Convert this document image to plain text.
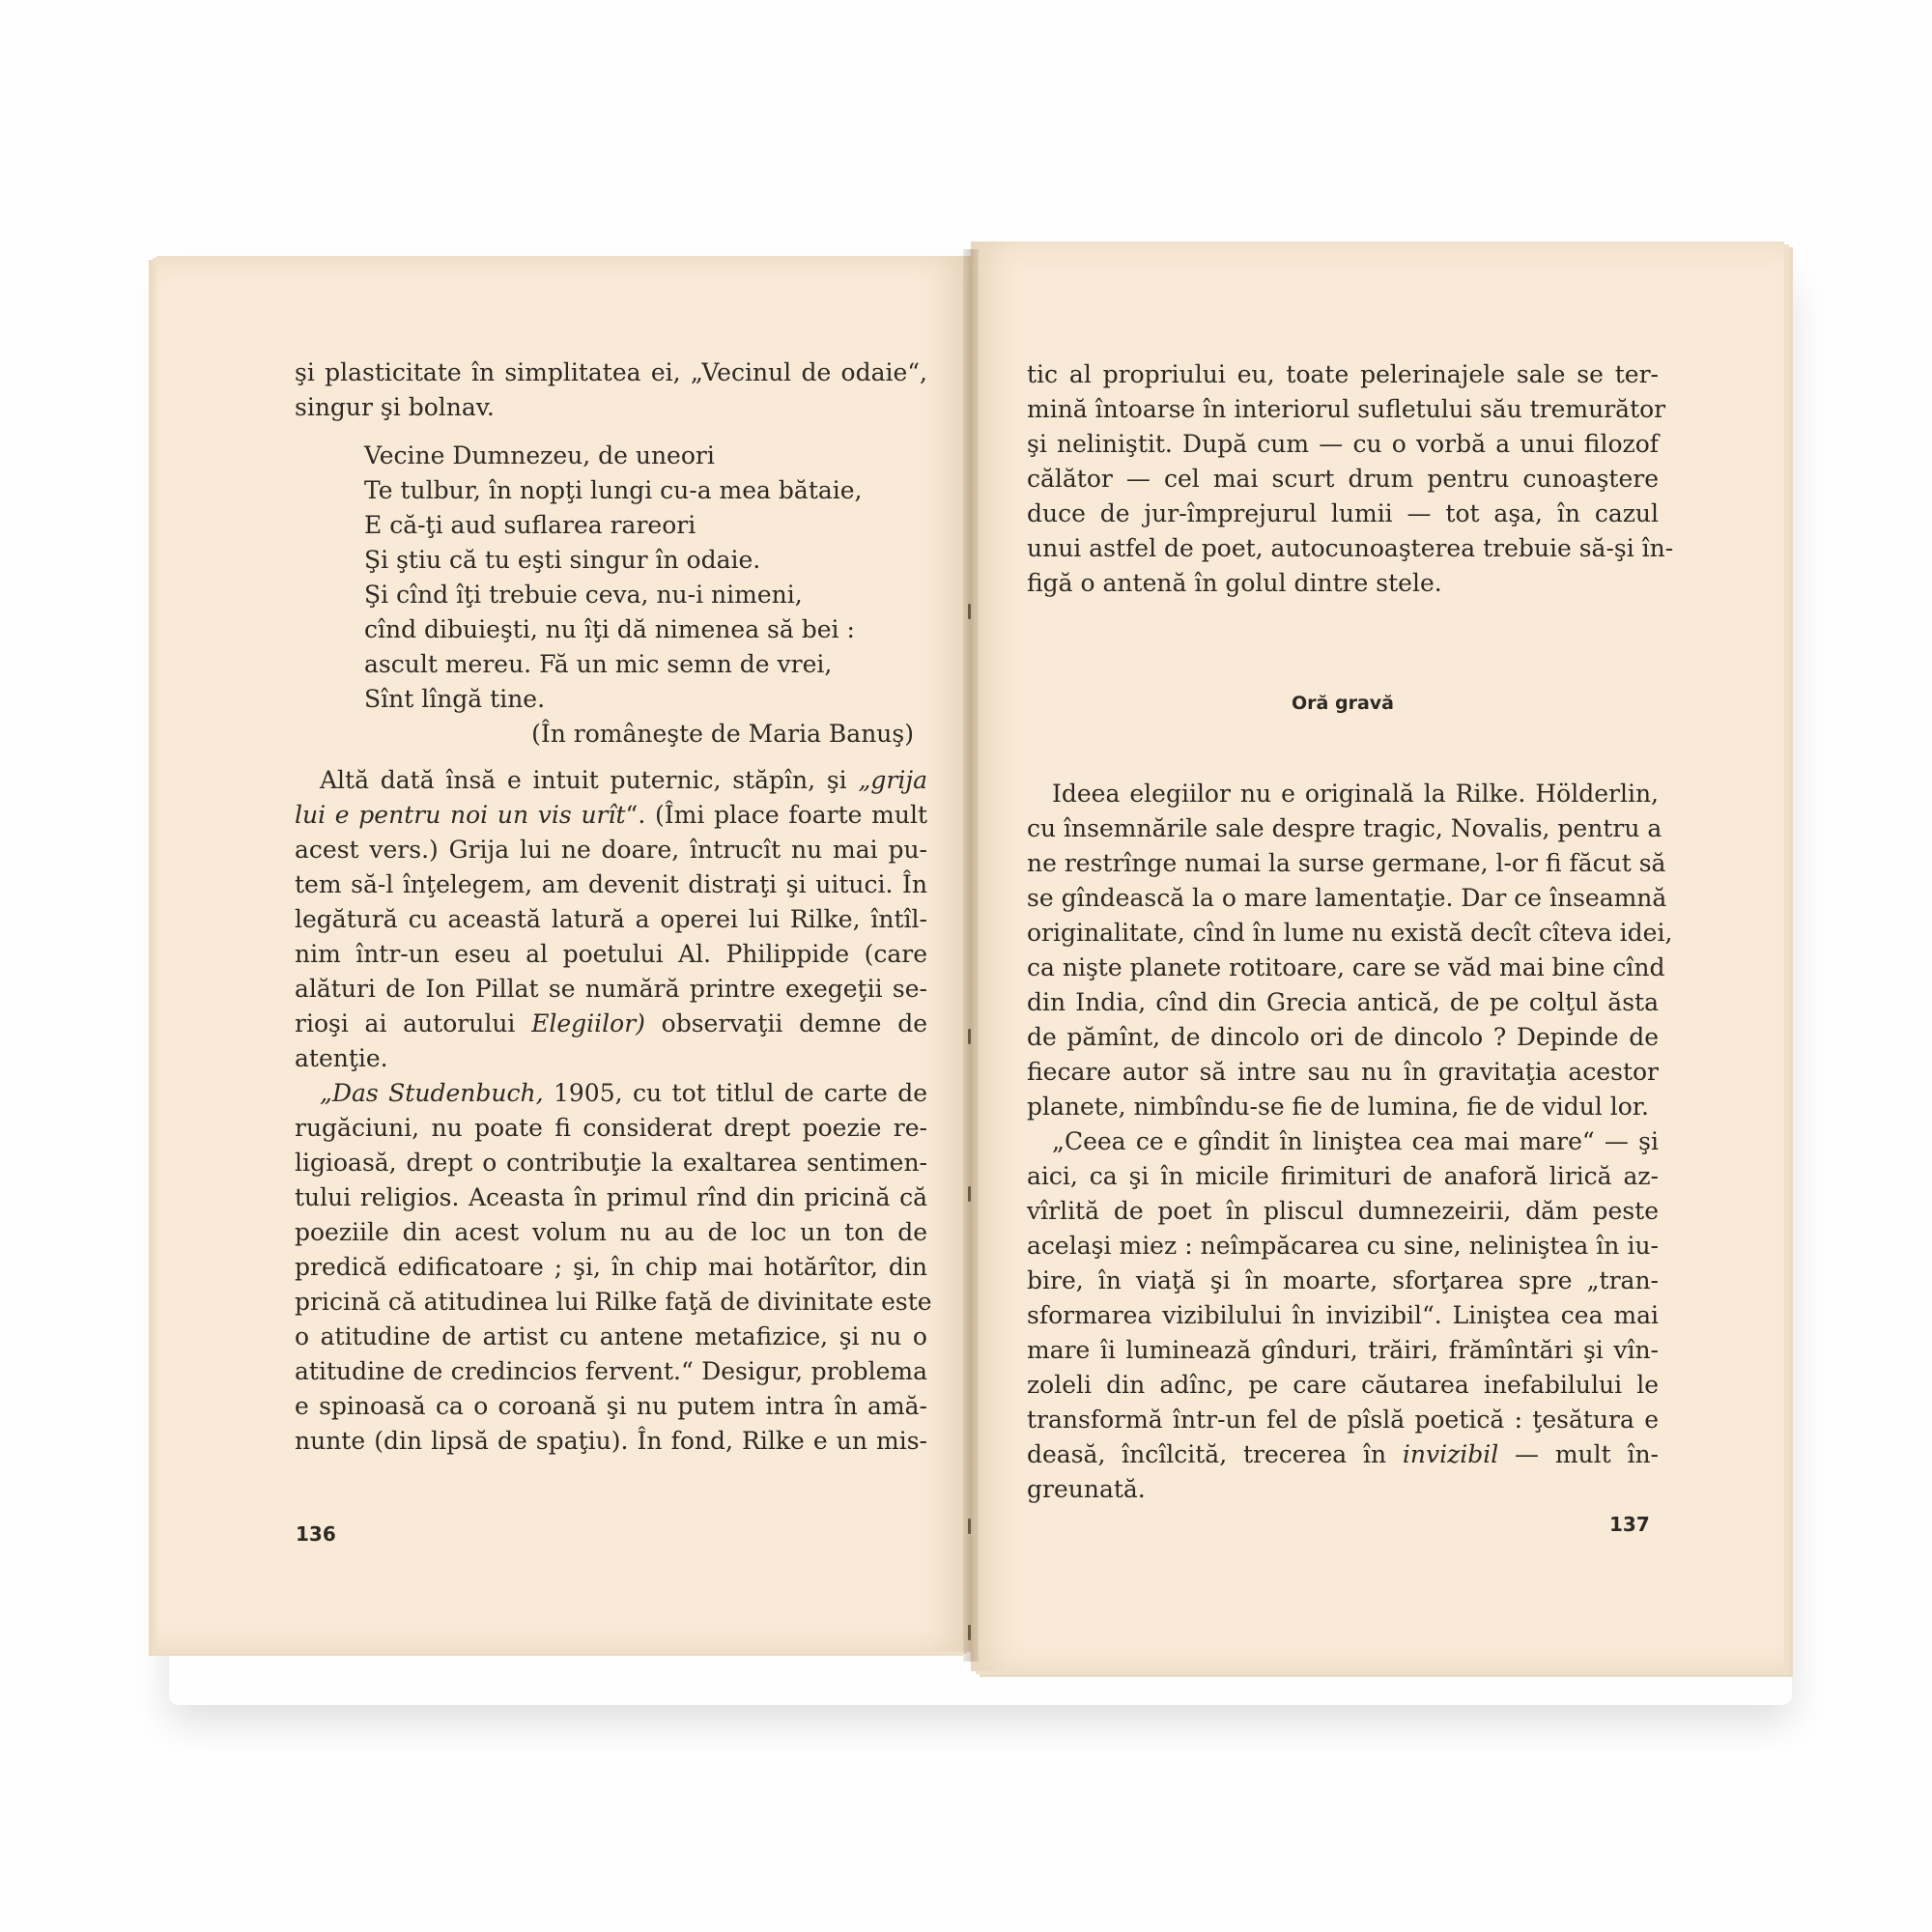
şi plasticitate în simplitatea ei, „Vecinul de odaie“,
singur şi bolnav.
Vecine Dumnezeu, de uneori
Te tulbur, în nopţi lungi cu-a mea bătaie,
E că-ţi aud suflarea rareori
Şi ştiu că tu eşti singur în odaie.
Şi cînd îţi trebuie ceva, nu-i nimeni,
cînd dibuieşti, nu îţi dă nimenea să bei :
ascult mereu. Fă un mic semn de vrei,
Sînt lîngă tine.
(În româneşte de Maria Banuş)
Altă dată însă e intuit puternic, stăpîn, şi „grija
lui e pentru noi un vis urît“. (Îmi place foarte mult
acest vers.) Grija lui ne doare, întrucît nu mai pu-
tem să-l înţelegem, am devenit distraţi şi uituci. În
legătură cu această latură a operei lui Rilke, întîl-
nim într-un eseu al poetului Al. Philippide (care
alături de Ion Pillat se numără printre exegeţii se-
rioşi ai autorului Elegiilor) observaţii demne de
atenţie.
„Das Studenbuch, 1905, cu tot titlul de carte de
rugăciuni, nu poate fi considerat drept poezie re-
ligioasă, drept o contribuţie la exaltarea sentimen-
tului religios. Aceasta în primul rînd din pricină că
poeziile din acest volum nu au de loc un ton de
predică edificatoare ; şi, în chip mai hotărîtor, din
pricină că atitudinea lui Rilke faţă de divinitate este
o atitudine de artist cu antene metafizice, şi nu o
atitudine de credincios fervent.“ Desigur, problema
e spinoasă ca o coroană şi nu putem intra în amă-
nunte (din lipsă de spaţiu). În fond, Rilke e un mis-
136
tic al propriului eu, toate pelerinajele sale se ter-
mină întoarse în interiorul sufletului său tremurător
şi neliniştit. După cum — cu o vorbă a unui filozof
călător — cel mai scurt drum pentru cunoaştere
duce de jur-împrejurul lumii — tot aşa, în cazul
unui astfel de poet, autocunoaşterea trebuie să-şi în-
figă o antenă în golul dintre stele.
Oră gravă
Ideea elegiilor nu e originală la Rilke. Hölderlin,
cu însemnările sale despre tragic, Novalis, pentru a
ne restrînge numai la surse germane, l-or fi făcut să
se gîndească la o mare lamentaţie. Dar ce înseamnă
originalitate, cînd în lume nu există decît cîteva idei,
ca nişte planete rotitoare, care se văd mai bine cînd
din India, cînd din Grecia antică, de pe colţul ăsta
de pămînt, de dincolo ori de dincolo ? Depinde de
fiecare autor să intre sau nu în gravitaţia acestor
planete, nimbîndu-se fie de lumina, fie de vidul lor.
„Ceea ce e gîndit în liniştea cea mai mare“ — şi
aici, ca şi în micile firimituri de anaforă lirică az-
vîrlită de poet în pliscul dumnezeirii, dăm peste
acelaşi miez : neîmpăcarea cu sine, neliniştea în iu-
bire, în viaţă şi în moarte, sforţarea spre „tran-
sformarea vizibilului în invizibil“. Liniştea cea mai
mare îi luminează gînduri, trăiri, frămîntări şi vîn-
zoleli din adînc, pe care căutarea inefabilului le
transformă într-un fel de pîslă poetică : ţesătura e
deasă, încîlcită, trecerea în invizibil — mult în-
greunată.
137
